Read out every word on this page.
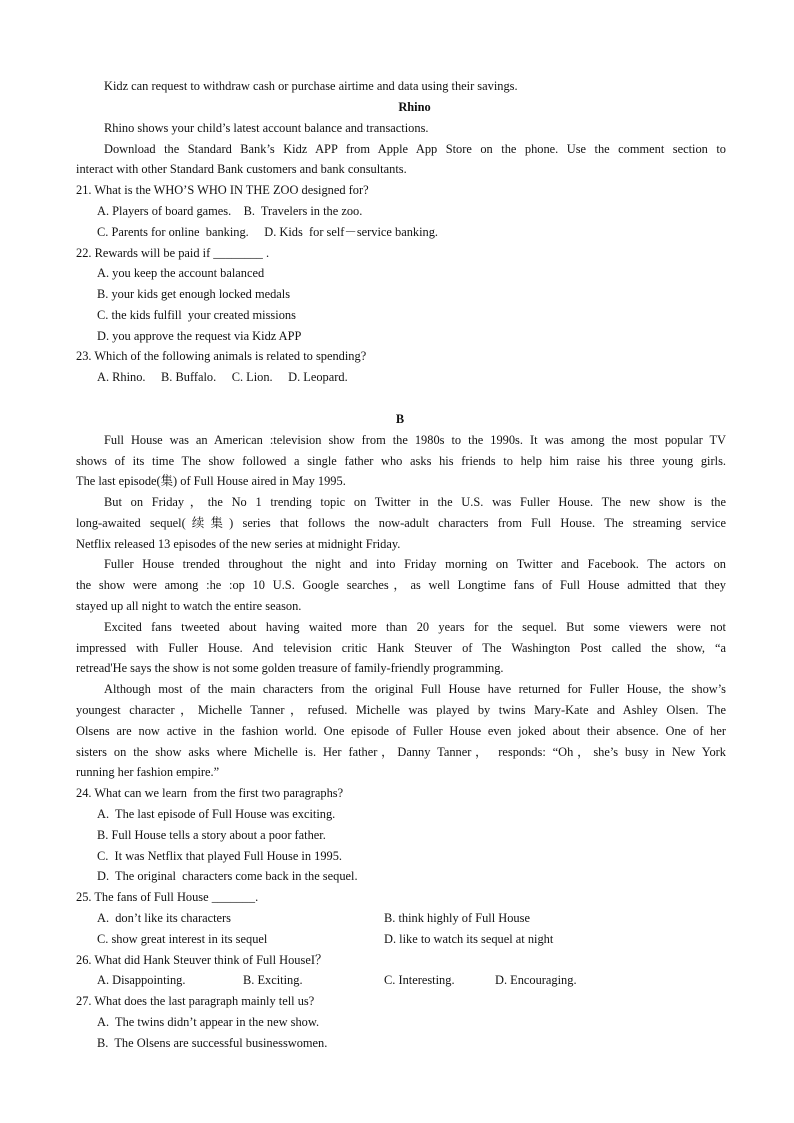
Kidz can request to withdraw cash or purchase airtime and data using their savings.
Rhino
Rhino shows your child’s latest account balance and transactions.
Download the Standard Bank’s Kidz APP from Apple App Store on the phone. Use the comment section to
interact with other Standard Bank customers and bank consultants.
21. What is the WHO’S WHO IN THE ZOO designed for?
A. Players of board games.    B.  Travelers in the zoo.
C. Parents for online  banking.     D. Kids  for self－service banking.
22. Rewards will be paid if ________ .
A. you keep the account balanced
B. your kids get enough locked medals
C. the kids fulfill  your created missions
D. you approve the request via Kidz APP
23. Which of the following animals is related to spending?
A. Rhino.     B. Buffalo.     C. Lion.     D. Leopard.
B
Full House was an American :television show from the 1980s to the 1990s. It was among the most popular TV
shows of its time The show followed a single father who asks his friends to help him raise his three young girls.
The last episode(集) of Full House aired in May 1995.
But on Friday，the No 1 trending topic on Twitter in the U.S. was Fuller House. The new show is the
long-awaited sequel(续集) series that follows the now-adult characters from Full House. The streaming service
Netflix released 13 episodes of the new series at midnight Friday.
Fuller House trended throughout the night and into Friday morning on Twitter and Facebook. The actors on
the show were among :he :op 10 U.S. Google searches，as well Longtime fans of Full House admitted that they
stayed up all night to watch the entire season.
Excited fans tweeted about having waited more than 20 years for the sequel. But some viewers were not
impressed with Fuller House. And television critic Hank Steuver of The Washington Post called the show, “a
retread'He says the show is not some golden treasure of family-friendly programming.
Although most of the main characters from the original Full House have returned for Fuller House, the show’s
youngest character，Michelle Tanner，refused. Michelle was played by twins Mary-Kate and Ashley Olsen. The
Olsens are now active in the fashion world. One episode of Fuller House even joked about their absence. One of her
sisters on the show asks where Michelle is. Her father，Danny Tanner， responds: “Oh，she’s busy in New York
running her fashion empire.”
24. What can we learn  from the first two paragraphs?
A.  The last episode of Full House was exciting.
B. Full House tells a story about a poor father.
C.  It was Netflix that played Full House in 1995.
D.  The original  characters come back in the sequel.
25. The fans of Full House _______.
A.  don’t like its characters	B. think highly of Full House
C. show great interest in its sequel	D. like to watch its sequel at night
26. What did Hank Steuver think of Full HouseI？
A. Disappointing.	B. Exciting.	C. Interesting.	D. Encouraging.
27. What does the last paragraph mainly tell us?
A.  The twins didn’t appear in the new show.
B.  The Olsens are successful businesswomen.
